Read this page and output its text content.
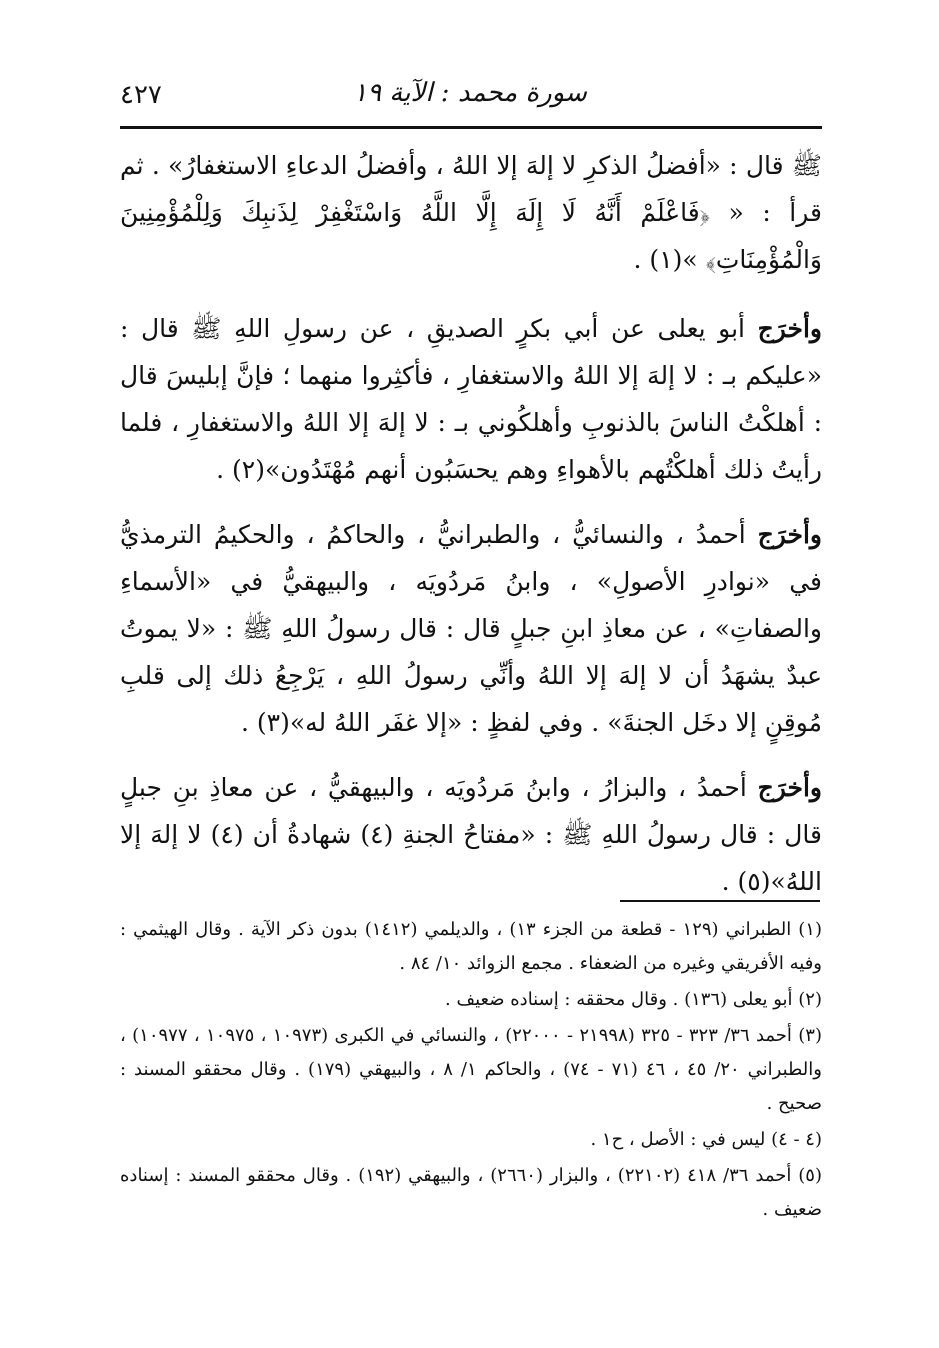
٤٢٧	سورة محمد : الآية ١٩

ﷺ قال : «أفضلُ الذكرِ لا إلهَ إلا اللهُ ، وأفضلُ الدعاءِ الاستغفارُ» . ثم قرأ : « ﴿فَاعْلَمْ أَنَّهُ لَا إِلَهَ إِلَّا اللَّهُ وَاسْتَغْفِرْ لِذَنبِكَ وَلِلْمُؤْمِنِينَ وَالْمُؤْمِنَاتِ﴾ »(١) .

وأخرَج أبو يعلى عن أبي بكرٍ الصديقِ ، عن رسولِ اللهِ ﷺ قال : «عليكم بـ : لا إلهَ إلا اللهُ والاستغفارِ ، فأكثِروا منهما ؛ فإنَّ إبليسَ قال : أهلكْتُ الناسَ بالذنوبِ وأهلكُوني بـ : لا إلهَ إلا اللهُ والاستغفارِ ، فلما رأيتُ ذلك أهلكْتُهم بالأهواءِ وهم يحسَبُون أنهم مُهْتَدُون»(٢) .

وأخرَج أحمدُ ، والنسائيُّ ، والطبرانيُّ ، والحاكمُ ، والحكيمُ الترمذيُّ في «نوادرِ الأصولِ» ، وابنُ مَردُويَه ، والبيهقيُّ في «الأسماءِ والصفاتِ» ، عن معاذِ ابنِ جبلٍ قال : قال رسولُ اللهِ ﷺ : «لا يموتُ عبدٌ يشهَدُ أن لا إلهَ إلا اللهُ وأنِّي رسولُ اللهِ ، يَرْجِعُ ذلك إلى قلبِ مُوقِنٍ إلا دخَل الجنةَ» . وفي لفظٍ : «إلا غفَر اللهُ له»(٣) .

وأخرَج أحمدُ ، والبزارُ ، وابنُ مَردُويَه ، والبيهقيُّ ، عن معاذِ بنِ جبلٍ قال : قال رسولُ اللهِ ﷺ : «مفتاحُ الجنةِ (٤) شهادةُ أن (٤) لا إلهَ إلا اللهُ»(٥) .

(١) الطبراني (١٢٩ - قطعة من الجزء ١٣) ، والديلمي (١٤١٢) بدون ذكر الآية . وقال الهيثمي : وفيه الأفريقي وغيره من الضعفاء . مجمع الزوائد ١٠/ ٨٤ .

(٢) أبو يعلى (١٣٦) . وقال محققه : إسناده ضعيف .

(٣) أحمد ٣٦/ ٣٢٣ - ٣٢٥ (٢١٩٩٨ - ٢٢٠٠٠) ، والنسائي في الكبرى (١٠٩٧٣ ، ١٠٩٧٥ ، ١٠٩٧٧) ، والطبراني ٢٠/ ٤٥ ، ٤٦ (٧١ - ٧٤) ، والحاكم ١/ ٨ ، والبيهقي (١٧٩) . وقال محققو المسند : صحيح .

(٤ - ٤) ليس في : الأصل ، ح١ .

(٥) أحمد ٣٦/ ٤١٨ (٢٢١٠٢) ، والبزار (٢٦٦٠) ، والبيهقي (١٩٢) . وقال محققو المسند : إسناده ضعيف .
